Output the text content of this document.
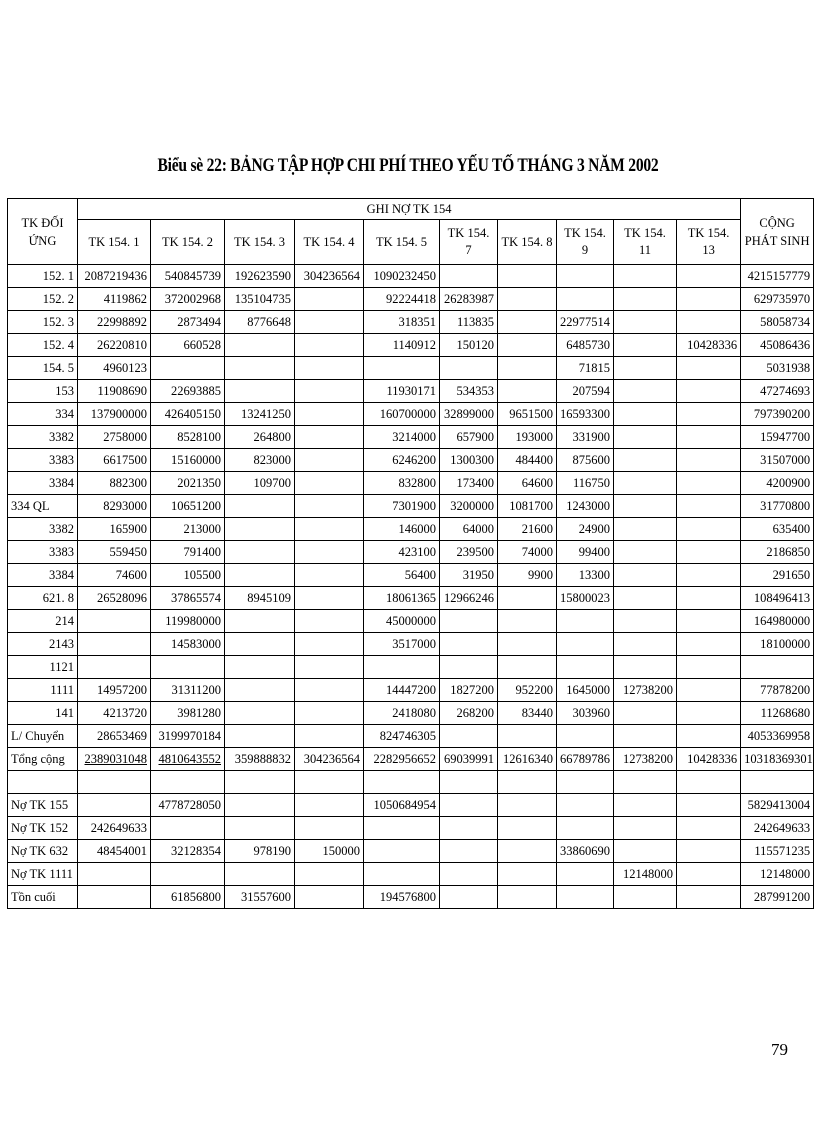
Biểu sè 22: BẢNG TẬP HỢP CHI PHÍ THEO YẾU TỐ THÁNG 3 NĂM 2002
TK ĐỐI ỨNG	GHI NỢ TK 154										CỘNG PHÁT SINH
	TK 154. 1	TK 154. 2	TK 154. 3	TK 154. 4	TK 154. 5	TK 154. 7	TK 154. 8	TK 154. 9	TK 154. 11	TK 154. 13	
152. 1	2087219436	540845739	192623590	304236564	1090232450						4215157779
152. 2	4119862	372002968	135104735		92224418	26283987					629735970
152. 3	22998892	2873494	8776648		318351	113835		22977514			58058734
152. 4	26220810	660528			1140912	150120		6485730		10428336	45086436
154. 5	4960123							71815			5031938
153	11908690	22693885			11930171	534353		207594			47274693
334	137900000	426405150	13241250		160700000	32899000	9651500	16593300			797390200
3382	2758000	8528100	264800		3214000	657900	193000	331900			15947700
3383	6617500	15160000	823000		6246200	1300300	484400	875600			31507000
3384	882300	2021350	109700		832800	173400	64600	116750			4200900
334 QL	8293000	10651200			7301900	3200000	1081700	1243000			31770800
3382	165900	213000			146000	64000	21600	24900			635400
3383	559450	791400			423100	239500	74000	99400			2186850
3384	74600	105500			56400	31950	9900	13300			291650
621. 8	26528096	37865574	8945109		18061365	12966246		15800023			108496413
214		119980000			45000000						164980000
2143		14583000			3517000						18100000
1121											
1111	14957200	31311200			14447200	1827200	952200	1645000	12738200		77878200
141	4213720	3981280			2418080	268200	83440	303960			11268680
L/ Chuyển	28653469	3199970184			824746305						4053369958
Tổng cộng	2389031048	4810643552	359888832	304236564	2282956652	69039991	12616340	66789786	12738200	10428336	10318369301

Nợ TK 155		4778728050			1050684954						5829413004
Nợ TK 152	242649633										242649633
Nợ TK 632	48454001	32128354	978190	150000				33860690			115571235
Nợ TK 1111									12148000		12148000
Tồn cuối		61856800	31557600		194576800						287991200
79
